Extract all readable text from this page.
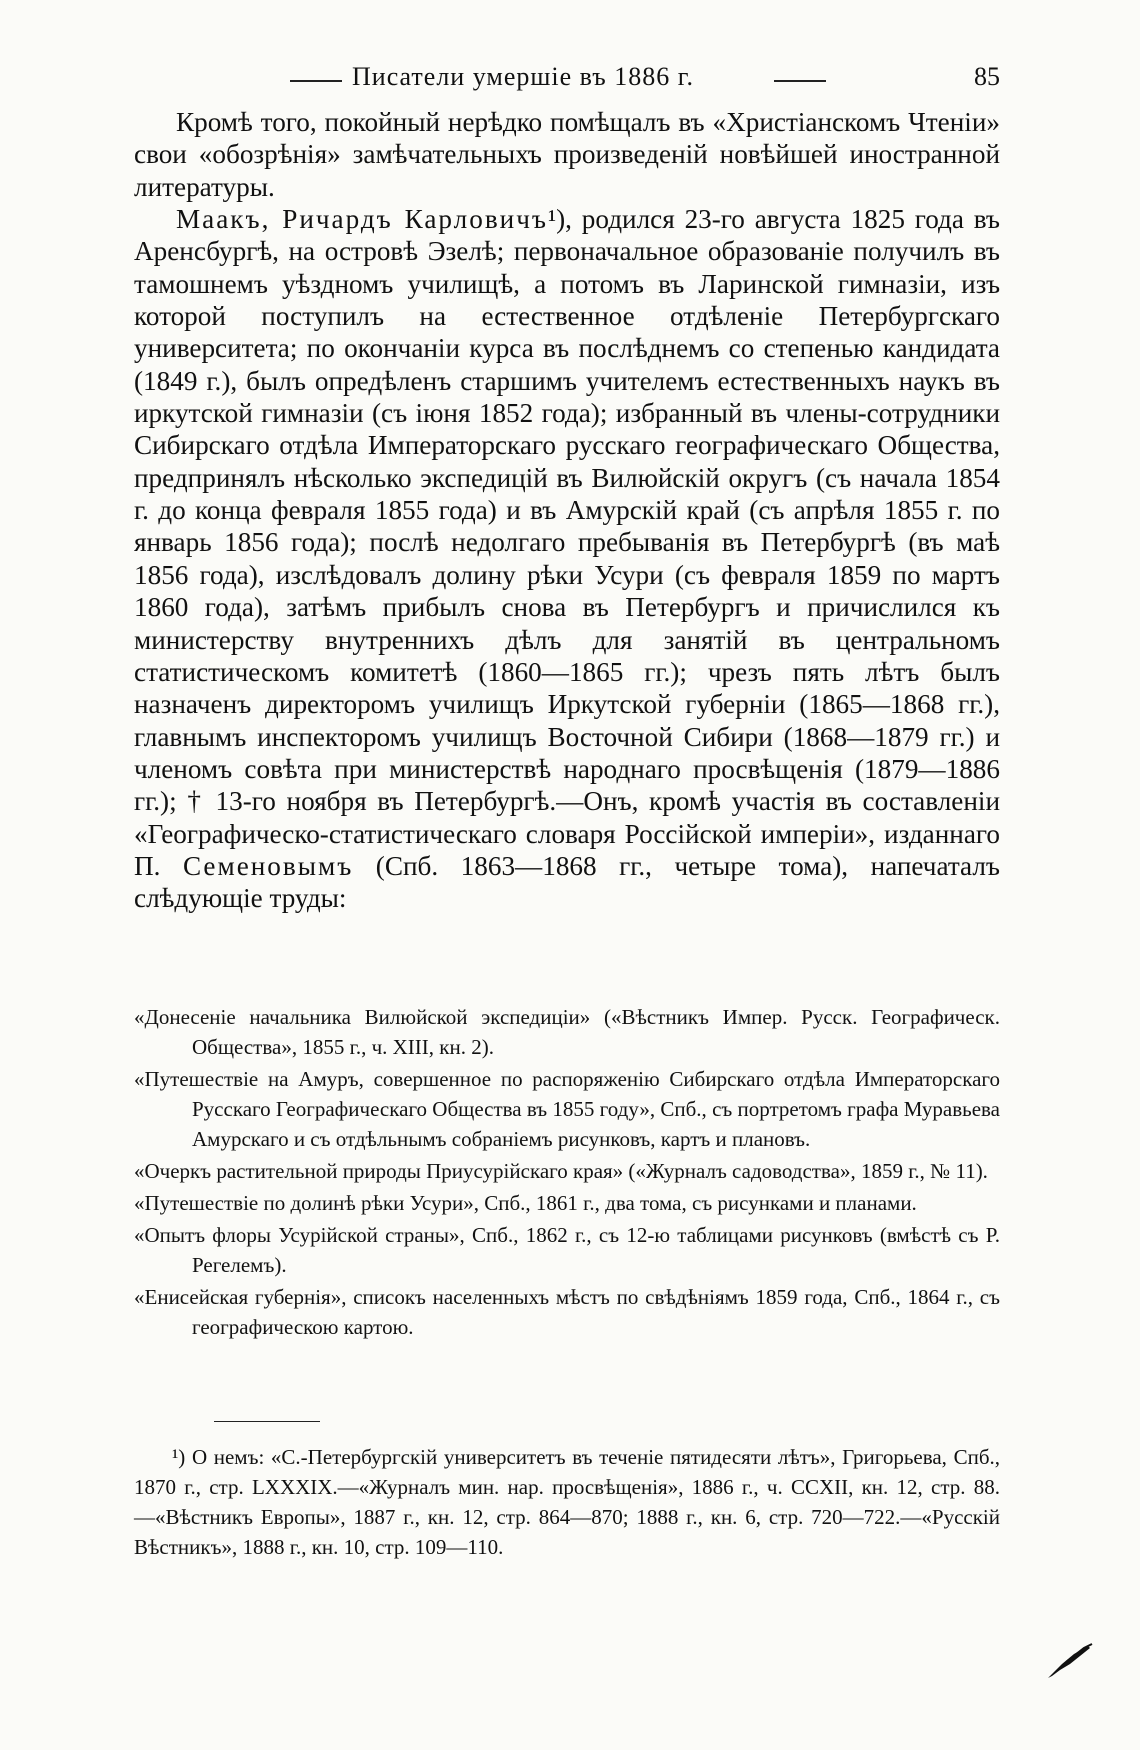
Писатели умершіе въ 1886 г.	85

Кромѣ того, покойный нерѣдко помѣщалъ въ «Христіанскомъ Чтеніи» свои «обозрѣнія» замѣчательныхъ произведеній новѣйшей иностранной литературы.

Маакъ, Ричардъ Карловичъ¹), родился 23-го августа 1825 года въ Аренсбургѣ, на островѣ Эзелѣ; первоначальное образованіе получилъ въ тамошнемъ уѣздномъ училищѣ, а потомъ въ Ларинской гимназіи, изъ которой поступилъ на естественное отдѣленіе Петербургскаго университета; по окончаніи курса въ послѣднемъ со степенью кандидата (1849 г.), былъ опредѣленъ старшимъ учителемъ естественныхъ наукъ въ иркутской гимназіи (съ іюня 1852 года); избранный въ члены-сотрудники Сибирскаго отдѣла Императорскаго русскаго географическаго Общества, предпринялъ нѣсколько экспедицій въ Вилюйскій округъ (съ начала 1854 г. до конца февраля 1855 года) и въ Амурскій край (съ апрѣля 1855 г. по январь 1856 года); послѣ недолгаго пребыванія въ Петербургѣ (въ маѣ 1856 года), изслѣдовалъ долину рѣки Усури (съ февраля 1859 по мартъ 1860 года), затѣмъ прибылъ снова въ Петербургъ и причислился къ министерству внутреннихъ дѣлъ для занятій въ центральномъ статистическомъ комитетѣ (1860—1865 гг.); чрезъ пять лѣтъ былъ назначенъ директоромъ училищъ Иркутской губерніи (1865—1868 гг.), главнымъ инспекторомъ училищъ Восточной Сибири (1868—1879 гг.) и членомъ совѣта при министерствѣ народнаго просвѣщенія (1879—1886 гг.); † 13-го ноября въ Петербургѣ.—Онъ, кромѣ участія въ составленіи «Географическо-статистическаго словаря Россійской имперіи», изданнаго П. Семеновымъ (Спб. 1863—1868 гг., четыре тома), напечаталъ слѣдующіе труды:

«Донесеніе начальника Вилюйской экспедиціи» («Вѣстникъ Импер. Русск. Географическ. Общества», 1855 г., ч. XIII, кн. 2).

«Путешествіе на Амуръ, совершенное по распоряженію Сибирскаго отдѣла Императорскаго Русскаго Географическаго Общества въ 1855 году», Спб., съ портретомъ графа Муравьева Амурскаго и съ отдѣльнымъ собраніемъ рисунковъ, картъ и плановъ.

«Очеркъ растительной природы Приусурійскаго края» («Журналъ садоводства», 1859 г., № 11).

«Путешествіе по долинѣ рѣки Усури», Спб., 1861 г., два тома, съ рисунками и планами.

«Опытъ флоры Усурійской страны», Спб., 1862 г., съ 12-ю таблицами рисунковъ (вмѣстѣ съ Р. Регелемъ).

«Енисейская губернія», списокъ населенныхъ мѣстъ по свѣдѣніямъ 1859 года, Спб., 1864 г., съ географическою картою.

¹) О немъ: «С.-Петербургскій университетъ въ теченіе пятидесяти лѣтъ», Григорьева, Спб., 1870 г., стр. LXXXIX.—«Журналъ мин. нар. просвѣщенія», 1886 г., ч. CCXII, кн. 12, стр. 88.—«Вѣстникъ Европы», 1887 г., кн. 12, стр. 864—870; 1888 г., кн. 6, стр. 720—722.—«Русскій Вѣстникъ», 1888 г., кн. 10, стр. 109—110.
